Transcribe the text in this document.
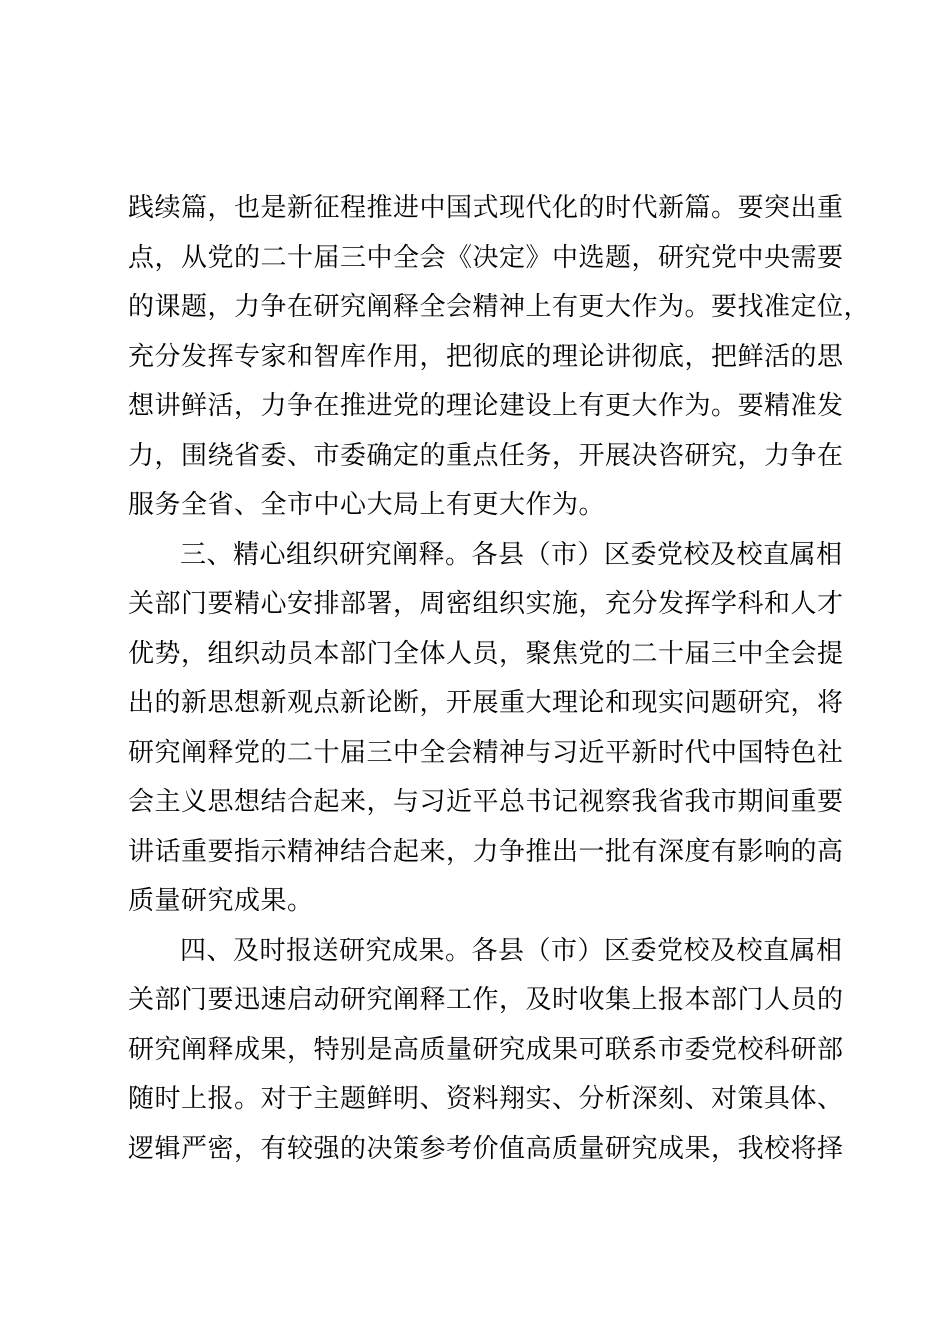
践续篇，也是新征程推进中国式现代化的时代新篇。要突出重
点，从党的二十届三中全会《决定》中选题，研究党中央需要
的课题，力争在研究阐释全会精神上有更大作为。要找准定位，
充分发挥专家和智库作用，把彻底的理论讲彻底，把鲜活的思
想讲鲜活，力争在推进党的理论建设上有更大作为。要精准发
力，围绕省委、市委确定的重点任务，开展决咨研究，力争在
服务全省、全市中心大局上有更大作为。
三、精心组织研究阐释。各县（市）区委党校及校直属相
关部门要精心安排部署，周密组织实施，充分发挥学科和人才
优势，组织动员本部门全体人员，聚焦党的二十届三中全会提
出的新思想新观点新论断，开展重大理论和现实问题研究，将
研究阐释党的二十届三中全会精神与习近平新时代中国特色社
会主义思想结合起来，与习近平总书记视察我省我市期间重要
讲话重要指示精神结合起来，力争推出一批有深度有影响的高
质量研究成果。
四、及时报送研究成果。各县（市）区委党校及校直属相
关部门要迅速启动研究阐释工作，及时收集上报本部门人员的
研究阐释成果，特别是高质量研究成果可联系市委党校科研部
随时上报。对于主题鲜明、资料翔实、分析深刻、对策具体、
逻辑严密，有较强的决策参考价值高质量研究成果，我校将择
